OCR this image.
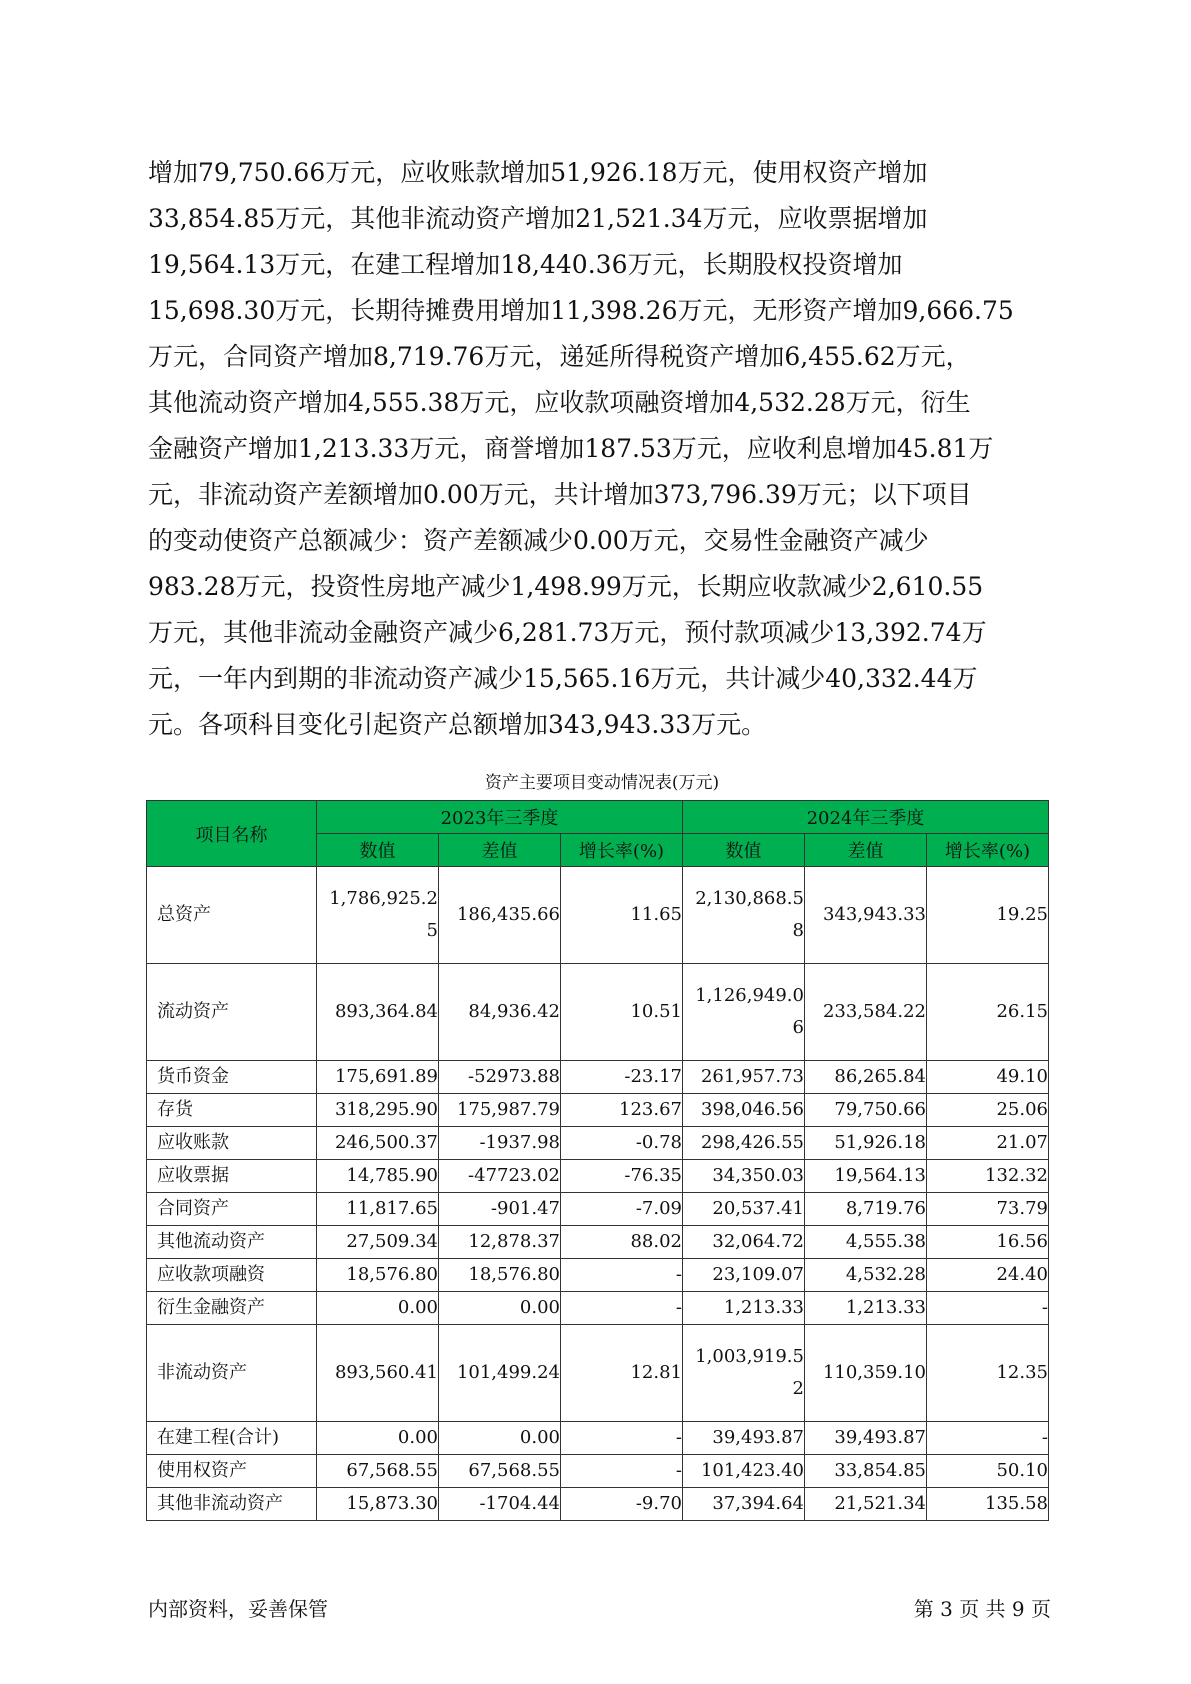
增加79,750.66万元，应收账款增加51,926.18万元，使用权资产增加
33,854.85万元，其他非流动资产增加21,521.34万元，应收票据增加
19,564.13万元，在建工程增加18,440.36万元，长期股权投资增加
15,698.30万元，长期待摊费用增加11,398.26万元，无形资产增加9,666.75
万元，合同资产增加8,719.76万元，递延所得税资产增加6,455.62万元，
其他流动资产增加4,555.38万元，应收款项融资增加4,532.28万元，衍生
金融资产增加1,213.33万元，商誉增加187.53万元，应收利息增加45.81万
元，非流动资产差额增加0.00万元，共计增加373,796.39万元；以下项目
的变动使资产总额减少：资产差额减少0.00万元，交易性金融资产减少
983.28万元，投资性房地产减少1,498.99万元，长期应收款减少2,610.55
万元，其他非流动金融资产减少6,281.73万元，预付款项减少13,392.74万
元，一年内到期的非流动资产减少15,565.16万元，共计减少40,332.44万
元。各项科目变化引起资产总额增加343,943.33万元。
资产主要项目变动情况表(万元)
项目名称	2023年三季度			2024年三季度		
	数值	差值	增长率(%)	数值	差值	增长率(%)
总资产	1,786,925.25	186,435.66	11.65	2,130,868.58	343,943.33	19.25
流动资产	893,364.84	84,936.42	10.51	1,126,949.06	233,584.22	26.15
货币资金	175,691.89	-52973.88	-23.17	261,957.73	86,265.84	49.10
存货	318,295.90	175,987.79	123.67	398,046.56	79,750.66	25.06
应收账款	246,500.37	-1937.98	-0.78	298,426.55	51,926.18	21.07
应收票据	14,785.90	-47723.02	-76.35	34,350.03	19,564.13	132.32
合同资产	11,817.65	-901.47	-7.09	20,537.41	8,719.76	73.79
其他流动资产	27,509.34	12,878.37	88.02	32,064.72	4,555.38	16.56
应收款项融资	18,576.80	18,576.80	-	23,109.07	4,532.28	24.40
衍生金融资产	0.00	0.00	-	1,213.33	1,213.33	-
非流动资产	893,560.41	101,499.24	12.81	1,003,919.52	110,359.10	12.35
在建工程(合计)	0.00	0.00	-	39,493.87	39,493.87	-
使用权资产	67,568.55	67,568.55	-	101,423.40	33,854.85	50.10
其他非流动资产	15,873.30	-1704.44	-9.70	37,394.64	21,521.34	135.58
内部资料，妥善保管	第 3 页 共 9 页
